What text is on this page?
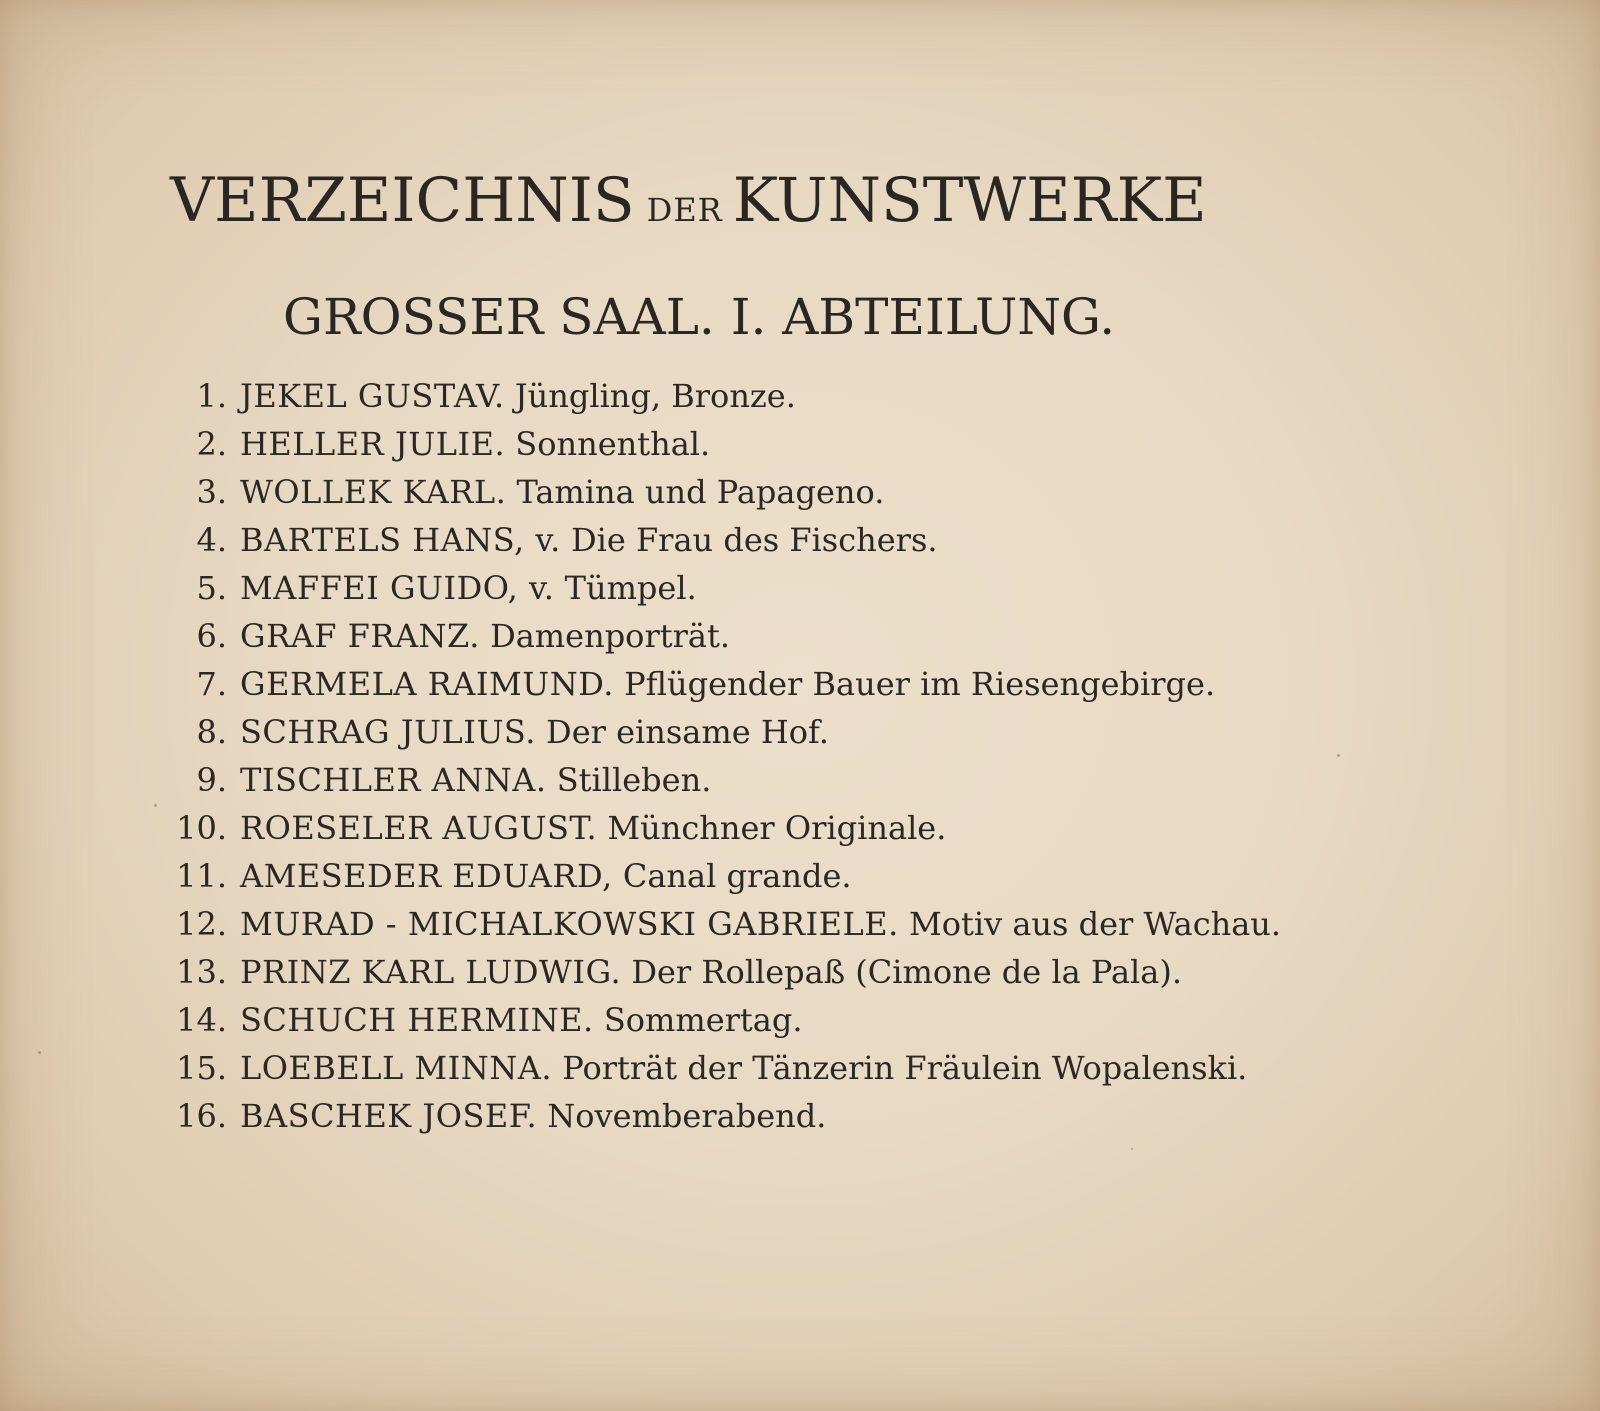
VERZEICHNIS DER KUNSTWERKE
GROSSER SAAL. I. ABTEILUNG.
1. JEKEL GUSTAV. Jüngling, Bronze.
2. HELLER JULIE. Sonnenthal.
3. WOLLEK KARL. Tamina und Papageno.
4. BARTELS HANS, v. Die Frau des Fischers.
5. MAFFEI GUIDO, v. Tümpel.
6. GRAF FRANZ. Damenporträt.
7. GERMELA RAIMUND. Pflügender Bauer im Riesengebirge.
8. SCHRAG JULIUS. Der einsame Hof.
9. TISCHLER ANNA. Stilleben.
10. ROESELER AUGUST. Münchner Originale.
11. AMESEDER EDUARD, Canal grande.
12. MURAD - MICHALKOWSKI GABRIELE. Motiv aus der Wachau.
13. PRINZ KARL LUDWIG. Der Rollepaß (Cimone de la Pala).
14. SCHUCH HERMINE. Sommertag.
15. LOEBELL MINNA. Porträt der Tänzerin Fräulein Wopalenski.
16. BASCHEK JOSEF. Novemberabend.
